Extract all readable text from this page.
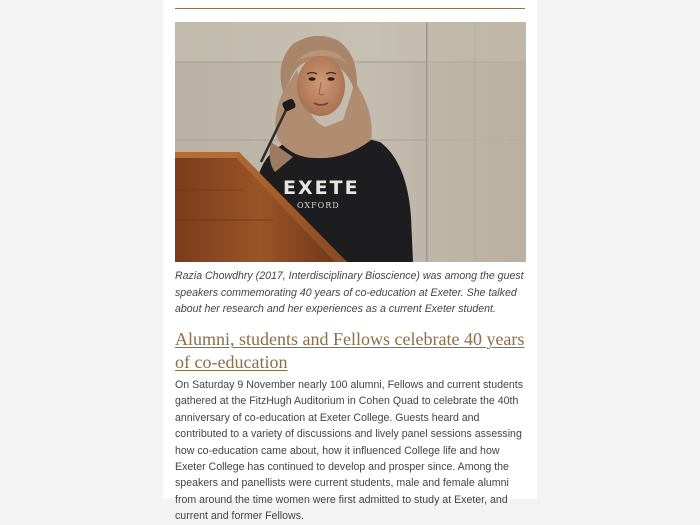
EXETE
OXFORD

Razia Chowdhry (2017, Interdisciplinary Bioscience) was among the guest speakers commemorating 40 years of co-education at Exeter. She talked about her research and her experiences as a current Exeter student.

Alumni, students and Fellows celebrate 40 years of co-education

On Saturday 9 November nearly 100 alumni, Fellows and current students gathered at the FitzHugh Auditorium in Cohen Quad to celebrate the 40th anniversary of co-education at Exeter College. Guests heard and contributed to a variety of discussions and lively panel sessions assessing how co-education came about, how it influenced College life and how Exeter College has continued to develop and prosper since. Among the speakers and panellists were current students, male and female alumni from around the time women were first admitted to study at Exeter, and current and former Fellows.
